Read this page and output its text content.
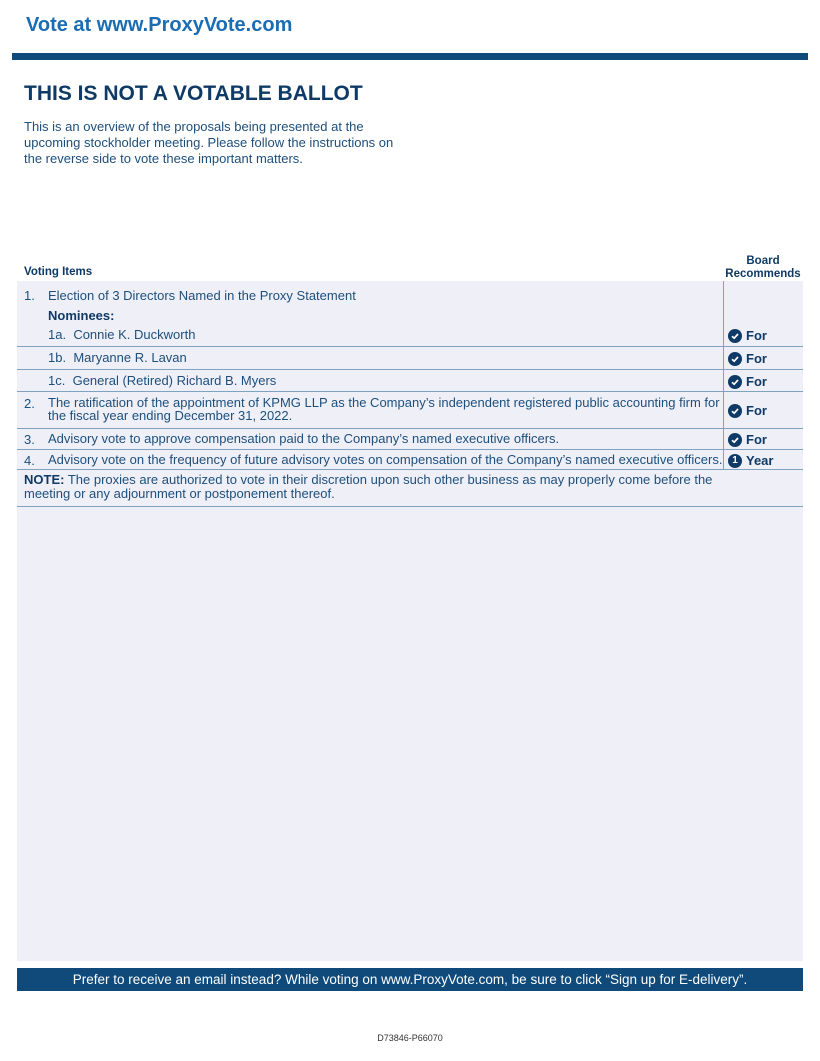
Vote at www.ProxyVote.com
THIS IS NOT A VOTABLE BALLOT
This is an overview of the proposals being presented at the upcoming stockholder meeting. Please follow the instructions on the reverse side to vote these important matters.
Board
Recommends
Voting Items
1. Election of 3 Directors Named in the Proxy Statement
Nominees:
1a. Connie K. Duckworth	For
1b. Maryanne R. Lavan	For
1c. General (Retired) Richard B. Myers	For
2. The ratification of the appointment of KPMG LLP as the Company’s independent registered public accounting firm for the fiscal year ending December 31, 2022.	For
3. Advisory vote to approve compensation paid to the Company’s named executive officers.	For
4. Advisory vote on the frequency of future advisory votes on compensation of the Company’s named executive officers. 1 Year
NOTE: The proxies are authorized to vote in their discretion upon such other business as may properly come before the meeting or any adjournment or postponement thereof.
Prefer to receive an email instead? While voting on www.ProxyVote.com, be sure to click “Sign up for E-delivery”.
D73846-P66070
